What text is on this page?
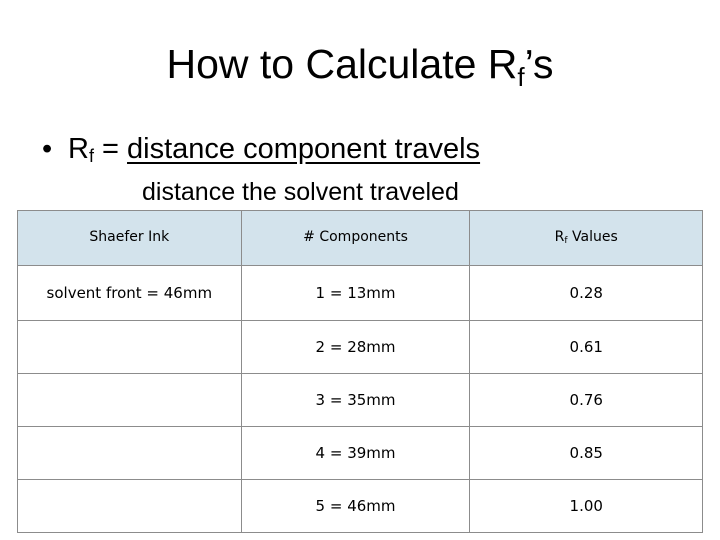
How to Calculate $R_f’s$
• $R_f$ = distance component travels
distance the solvent traveled
Shaefer Ink	# Components	$R_f$ Values
solvent front = 46mm	1 = 13mm	0.28
	2 = 28mm	0.61
	3 = 35mm	0.76
	4 = 39mm	0.85
	5 = 46mm	1.00
